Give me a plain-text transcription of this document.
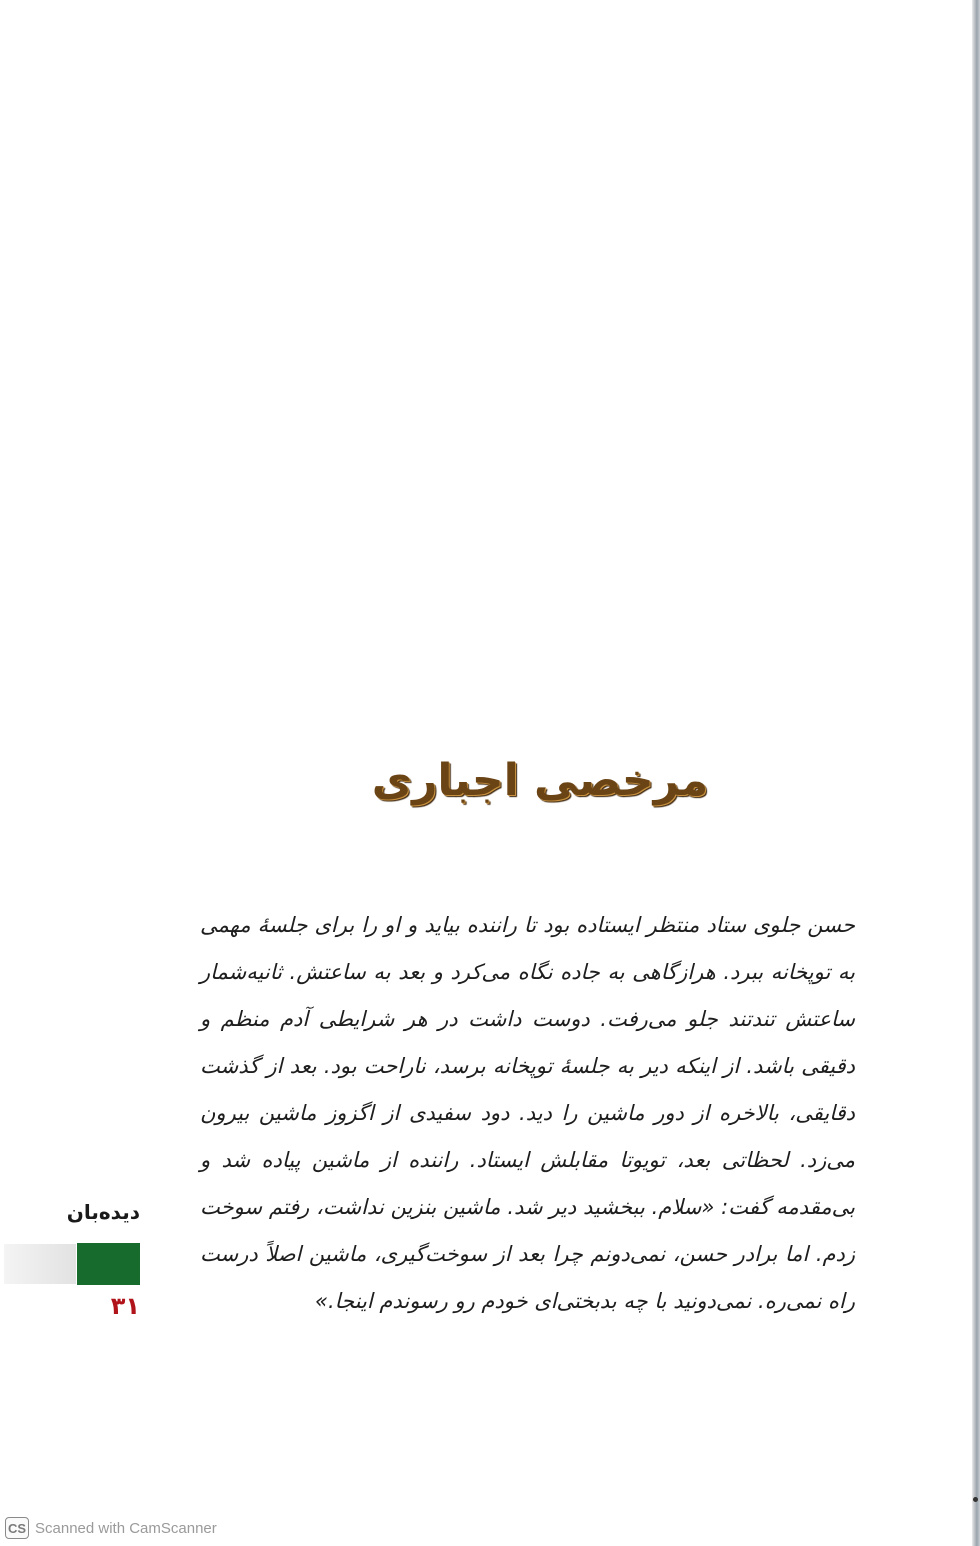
مرخصی اجباری

حسن جلوی ستاد منتظر ایستاده بود تا راننده بیاید و او را برای جلسهٔ مهمی به توپخانه ببرد. هرازگاهی به جاده نگاه می‌کرد و بعد به ساعتش. ثانیه‌شمار ساعتش تندتند جلو می‌رفت. دوست داشت در هر شرایطی آدم منظم و دقیقی باشد. از اینکه دیر به جلسهٔ توپخانه برسد، ناراحت بود. بعد از گذشت دقایقی، بالاخره از دور ماشین را دید. دود سفیدی از اگزوز ماشین بیرون می‌زد. لحظاتی بعد، تویوتا مقابلش ایستاد. راننده از ماشین پیاده شد و بی‌مقدمه گفت: «سلام. ببخشید دیر شد. ماشین بنزین نداشت، رفتم سوخت زدم. اما برادر حسن، نمی‌دونم چرا بعد از سوخت‌گیری، ماشین اصلاً درست راه نمی‌ره. نمی‌دونید با چه بدبختی‌ای خودم رو رسوندم اینجا.»

دیده‌بان
۳۱
CS Scanned with CamScanner
